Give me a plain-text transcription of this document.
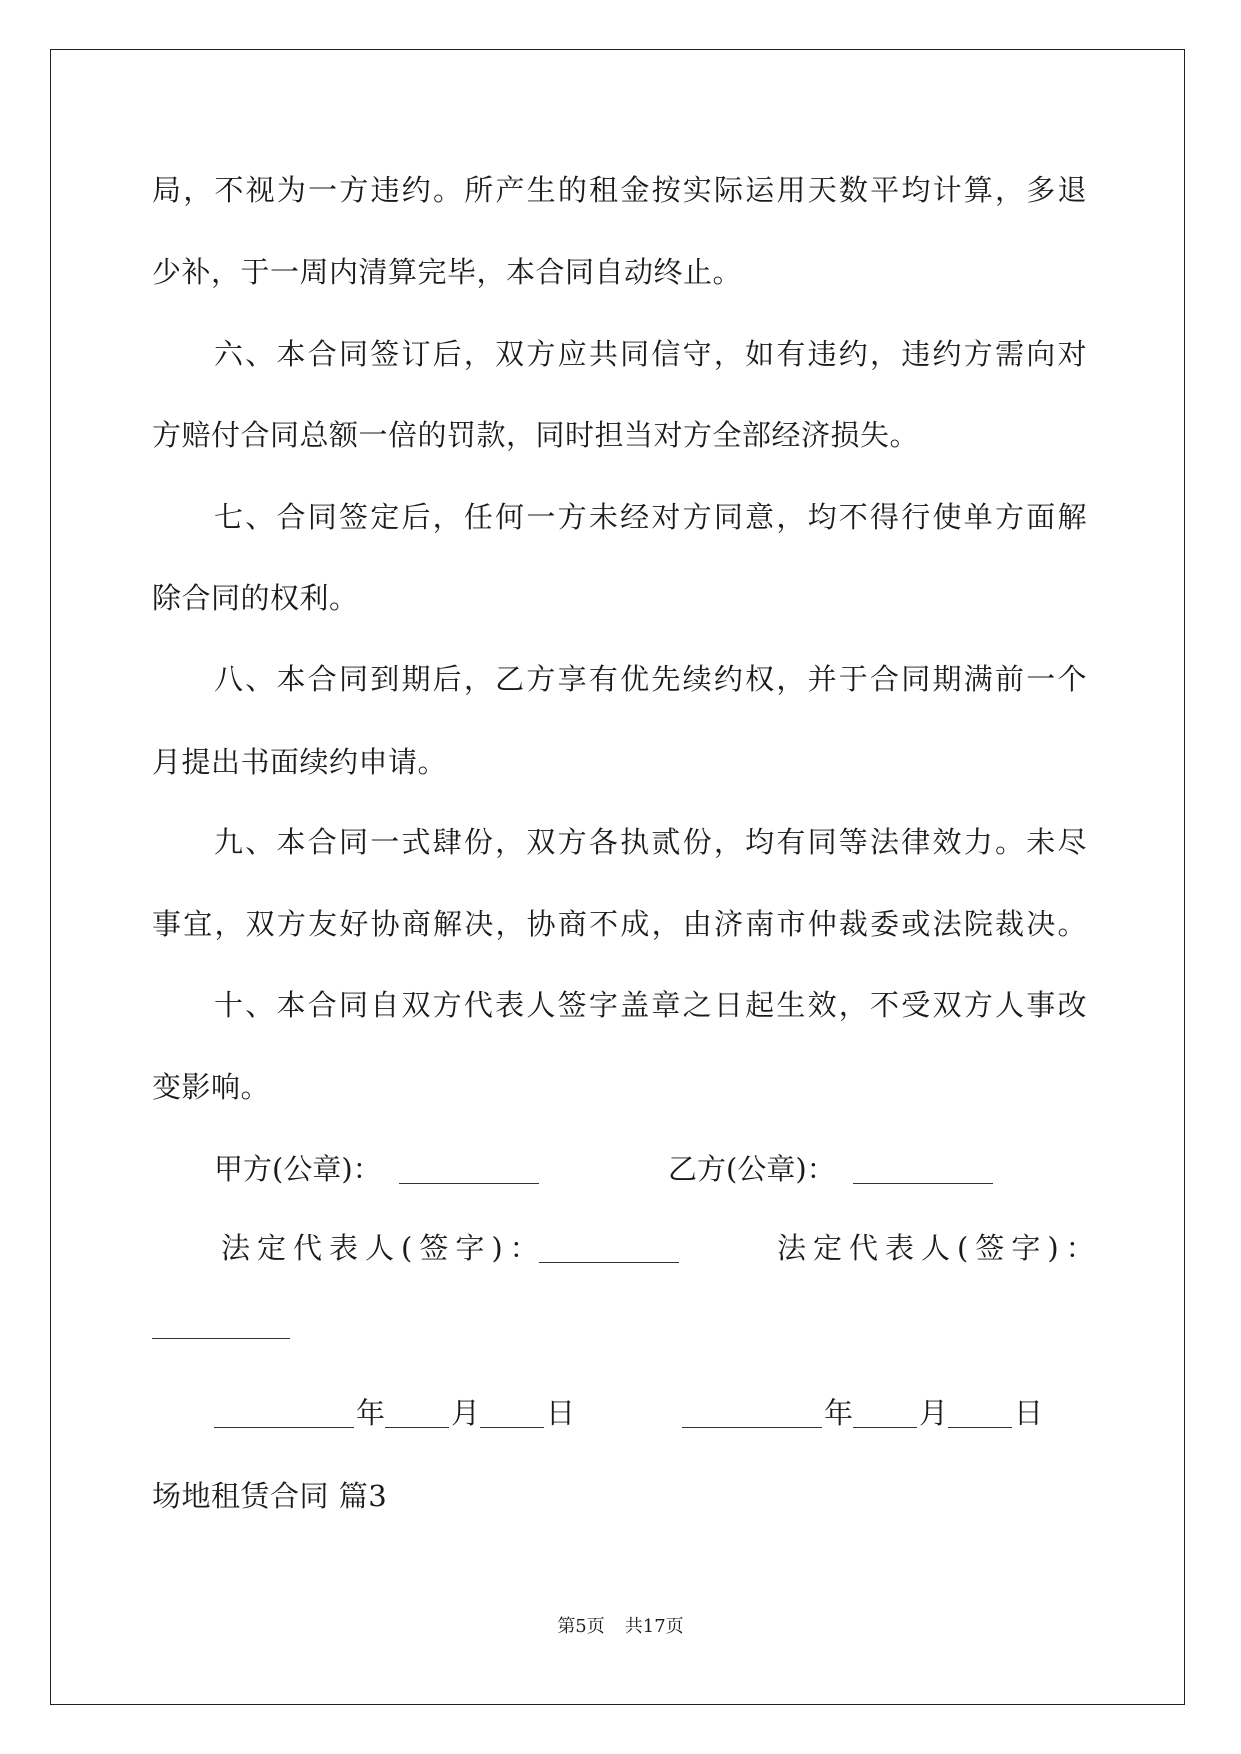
局，不视为一方违约。所产生的租金按实际运用天数平均计算，多退
少补，于一周内清算完毕，本合同自动终止。
六、本合同签订后，双方应共同信守，如有违约，违约方需向对
方赔付合同总额一倍的罚款，同时担当对方全部经济损失。
七、合同签定后，任何一方未经对方同意，均不得行使单方面解
除合同的权利。
八、本合同到期后，乙方享有优先续约权，并于合同期满前一个
月提出书面续约申请。
九、本合同一式肆份，双方各执贰份，均有同等法律效力。未尽
事宜，双方友好协商解决，协商不成，由济南市仲裁委或法院裁决。
十、本合同自双方代表人签字盖章之日起生效，不受双方人事改
变影响。
甲方(公章)：	乙方(公章)：
法定代表人(签字)：	法定代表人(签字)：
年 月 日	年 月 日
场地租赁合同 篇3
第5页 共17页
